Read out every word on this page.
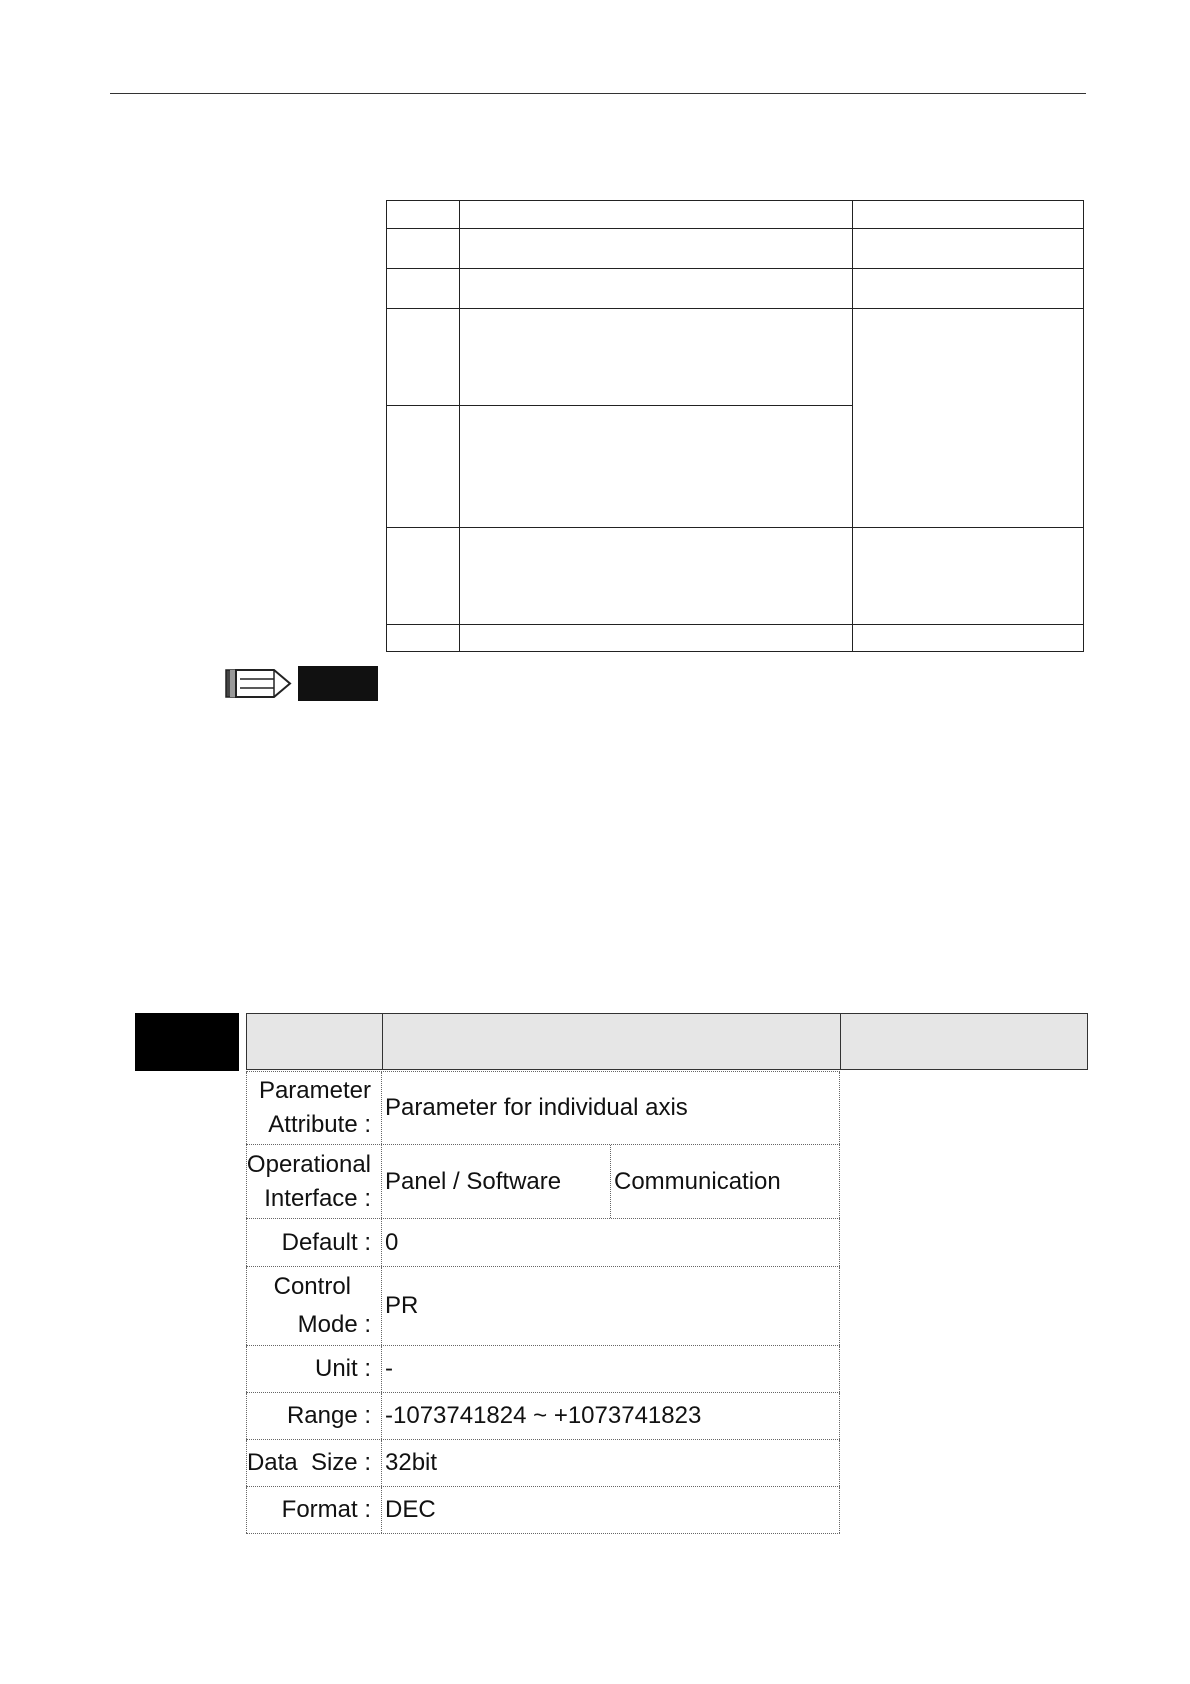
Parameter
Attribute :
Parameter for individual axis
Operational
Interface :
Panel / Software	Communication
Default : 0
Control
Mode :
PR
Unit : -
Range : -1073741824 ~ +1073741823
Data  Size : 32bit
Format : DEC
